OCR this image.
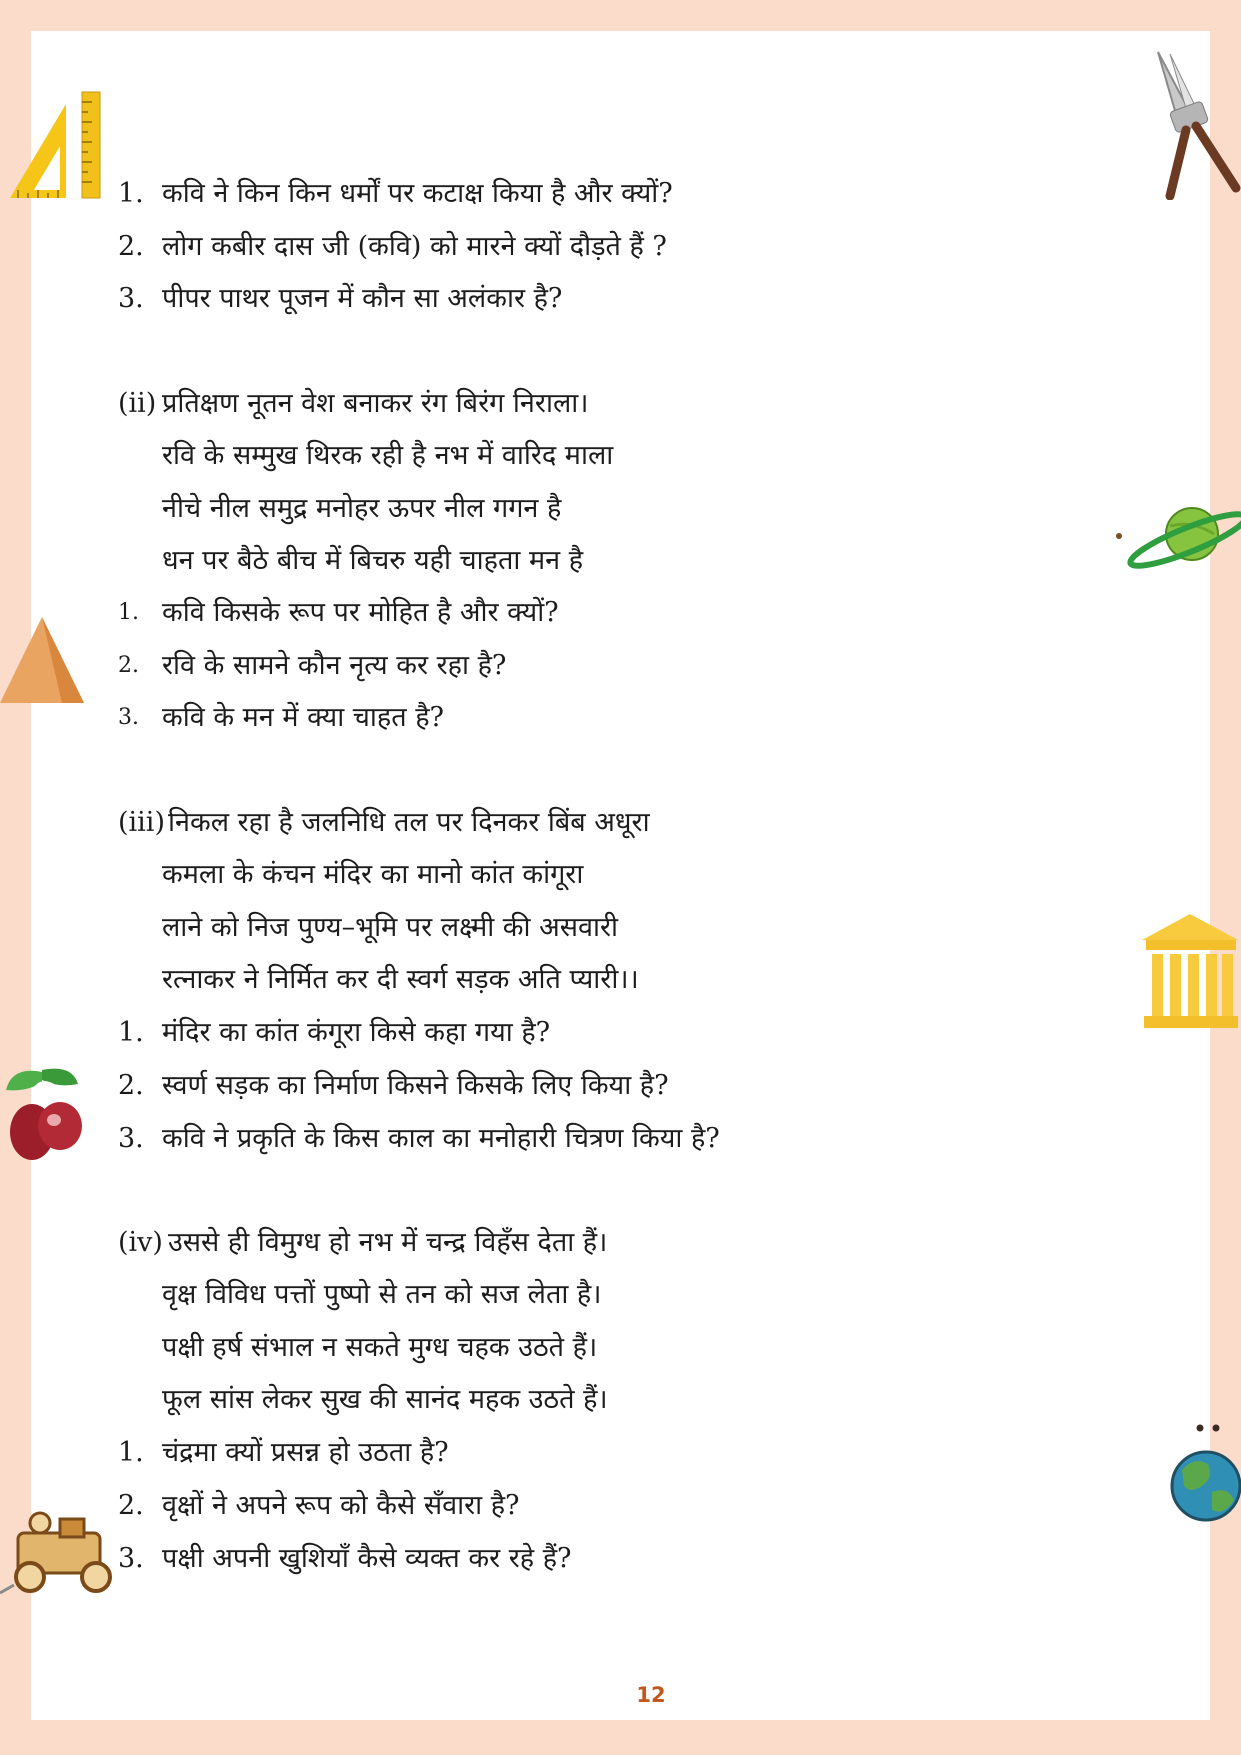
1. कवि ने किन किन धर्मों पर कटाक्ष किया है और क्यों?
2. लोग कबीर दास जी (कवि) को मारने क्यों दौड़ते हैं ?
3. पीपर पाथर पूजन में कौन सा अलंकार है?
(ii) प्रतिक्षण नूतन वेश बनाकर रंग बिरंग निराला।
रवि के सम्मुख थिरक रही है नभ में वारिद माला
नीचे नील समुद्र मनोहर ऊपर नील गगन है
धन पर बैठे बीच में बिचरु यही चाहता मन है
1. कवि किसके रूप पर मोहित है और क्यों?
2. रवि के सामने कौन नृत्य कर रहा है?
3. कवि के मन में क्या चाहत है?
(iii) निकल रहा है जलनिधि तल पर दिनकर बिंब अधूरा
कमला के कंचन मंदिर का मानो कांत कांगूरा
लाने को निज पुण्य–भूमि पर लक्ष्मी की असवारी
रत्नाकर ने निर्मित कर दी स्वर्ग सड़क अति प्यारी।।
1. मंदिर का कांत कंगूरा किसे कहा गया है?
2. स्वर्ण सड़क का निर्माण किसने किसके लिए किया है?
3. कवि ने प्रकृति के किस काल का मनोहारी चित्रण किया है?
(iv) उससे ही विमुग्ध हो नभ में चन्द्र विहँस देता हैं।
वृक्ष विविध पत्तों पुष्पो से तन को सज लेता है।
पक्षी हर्ष संभाल न सकते मुग्ध चहक उठते हैं।
फूल सांस लेकर सुख की सानंद महक उठते हैं।
1. चंद्रमा क्यों प्रसन्न हो उठता है?
2. वृक्षों ने अपने रूप को कैसे सँवारा है?
3. पक्षी अपनी खुशियाँ कैसे व्यक्त कर रहे हैं?
12
